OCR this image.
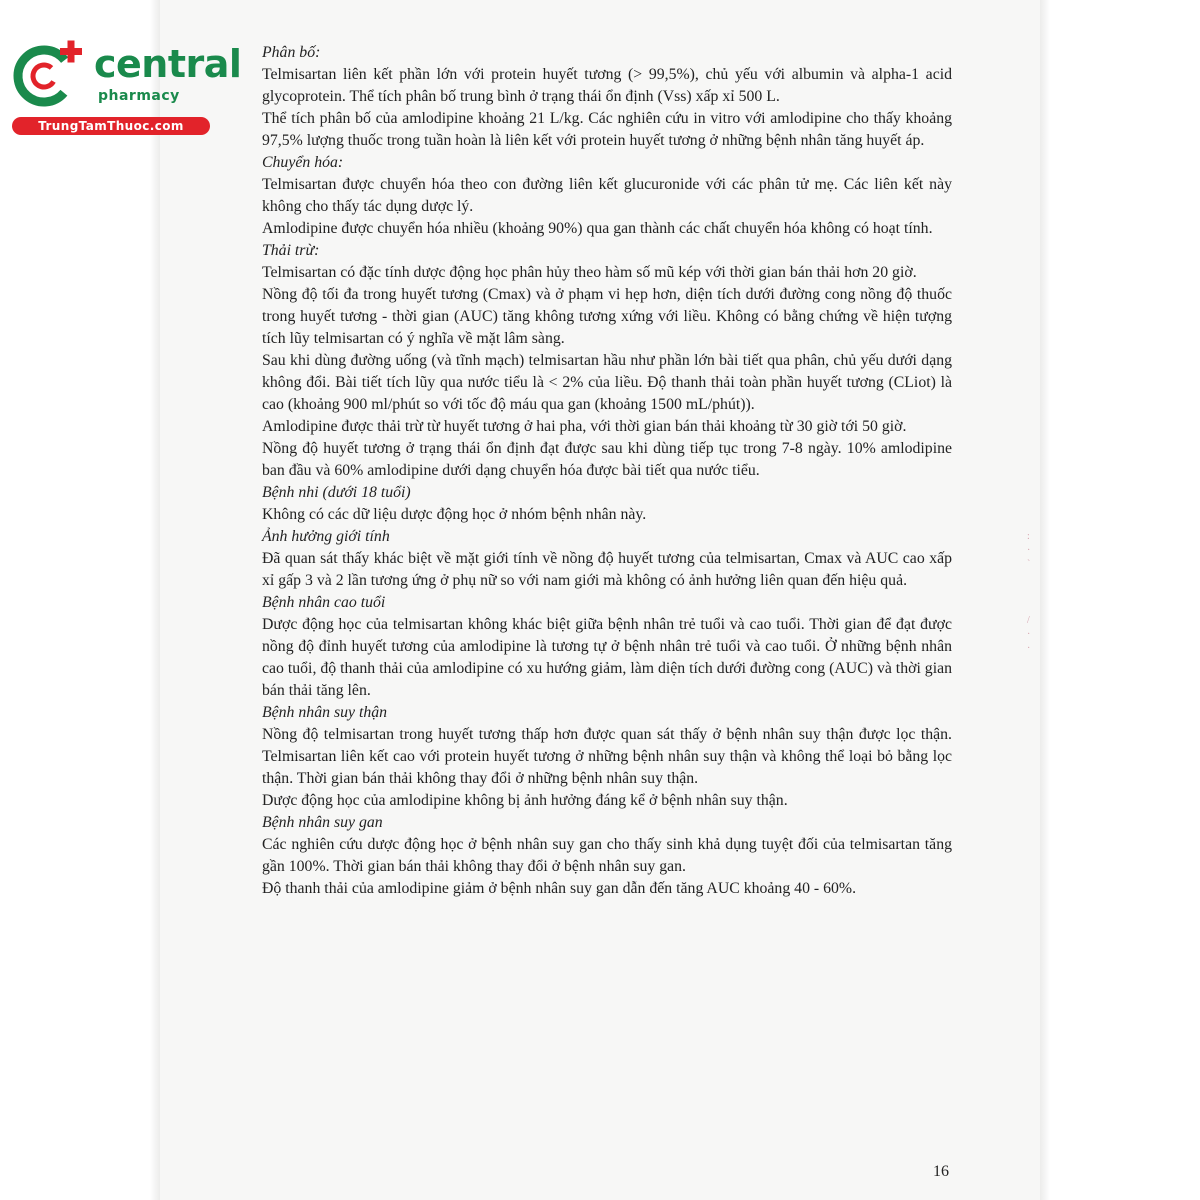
central
pharmacy
TrungTamThuoc.com

Phân bố:

Telmisartan liên kết phần lớn với protein huyết tương (> 99,5%), chủ yếu với albumin và alpha-1 acid glycoprotein. Thể tích phân bố trung bình ở trạng thái ổn định (Vss) xấp xỉ 500 L.

Thể tích phân bố của amlodipine khoảng 21 L/kg. Các nghiên cứu in vitro với amlodipine cho thấy khoảng 97,5% lượng thuốc trong tuần hoàn là liên kết với protein huyết tương ở những bệnh nhân tăng huyết áp.

Chuyển hóa:

Telmisartan được chuyển hóa theo con đường liên kết glucuronide với các phân tử mẹ. Các liên kết này không cho thấy tác dụng dược lý.

Amlodipine được chuyển hóa nhiều (khoảng 90%) qua gan thành các chất chuyển hóa không có hoạt tính.

Thải trừ:

Telmisartan có đặc tính dược động học phân hủy theo hàm số mũ kép với thời gian bán thải hơn 20 giờ.

Nồng độ tối đa trong huyết tương (Cmax) và ở phạm vi hẹp hơn, diện tích dưới đường cong nồng độ thuốc trong huyết tương - thời gian (AUC) tăng không tương xứng với liều. Không có bằng chứng về hiện tượng tích lũy telmisartan có ý nghĩa về mặt lâm sàng.

Sau khi dùng đường uống (và tĩnh mạch) telmisartan hầu như phần lớn bài tiết qua phân, chủ yếu dưới dạng không đổi. Bài tiết tích lũy qua nước tiểu là < 2% của liều. Độ thanh thải toàn phần huyết tương (CLiot) là cao (khoảng 900 ml/phút so với tốc độ máu qua gan (khoảng 1500 mL/phút)).

Amlodipine được thải trừ từ huyết tương ở hai pha, với thời gian bán thải khoảng từ 30 giờ tới 50 giờ.

Nồng độ huyết tương ở trạng thái ổn định đạt được sau khi dùng tiếp tục trong 7-8 ngày. 10% amlodipine ban đầu và 60% amlodipine dưới dạng chuyển hóa được bài tiết qua nước tiểu.

Bệnh nhi (dưới 18 tuổi)

Không có các dữ liệu dược động học ở nhóm bệnh nhân này.

Ảnh hưởng giới tính

Đã quan sát thấy khác biệt về mặt giới tính về nồng độ huyết tương của telmisartan, Cmax và AUC cao xấp xỉ gấp 3 và 2 lần tương ứng ở phụ nữ so với nam giới mà không có ảnh hưởng liên quan đến hiệu quả.

Bệnh nhân cao tuổi

Dược động học của telmisartan không khác biệt giữa bệnh nhân trẻ tuổi và cao tuổi. Thời gian để đạt được nồng độ đỉnh huyết tương của amlodipine là tương tự ở bệnh nhân trẻ tuổi và cao tuổi. Ở những bệnh nhân cao tuổi, độ thanh thải của amlodipine có xu hướng giảm, làm diện tích dưới đường cong (AUC) và thời gian bán thải tăng lên.

Bệnh nhân suy thận

Nồng độ telmisartan trong huyết tương thấp hơn được quan sát thấy ở bệnh nhân suy thận được lọc thận. Telmisartan liên kết cao với protein huyết tương ở những bệnh nhân suy thận và không thể loại bỏ bằng lọc thận. Thời gian bán thải không thay đổi ở những bệnh nhân suy thận.

Dược động học của amlodipine không bị ảnh hưởng đáng kể ở bệnh nhân suy thận.

Bệnh nhân suy gan

Các nghiên cứu dược động học ở bệnh nhân suy gan cho thấy sinh khả dụng tuyệt đối của telmisartan tăng gần 100%. Thời gian bán thải không thay đổi ở bệnh nhân suy gan.

Độ thanh thải của amlodipine giảm ở bệnh nhân suy gan dẫn đến tăng AUC khoảng 40 - 60%.

16
:
·
`

/
·
·
